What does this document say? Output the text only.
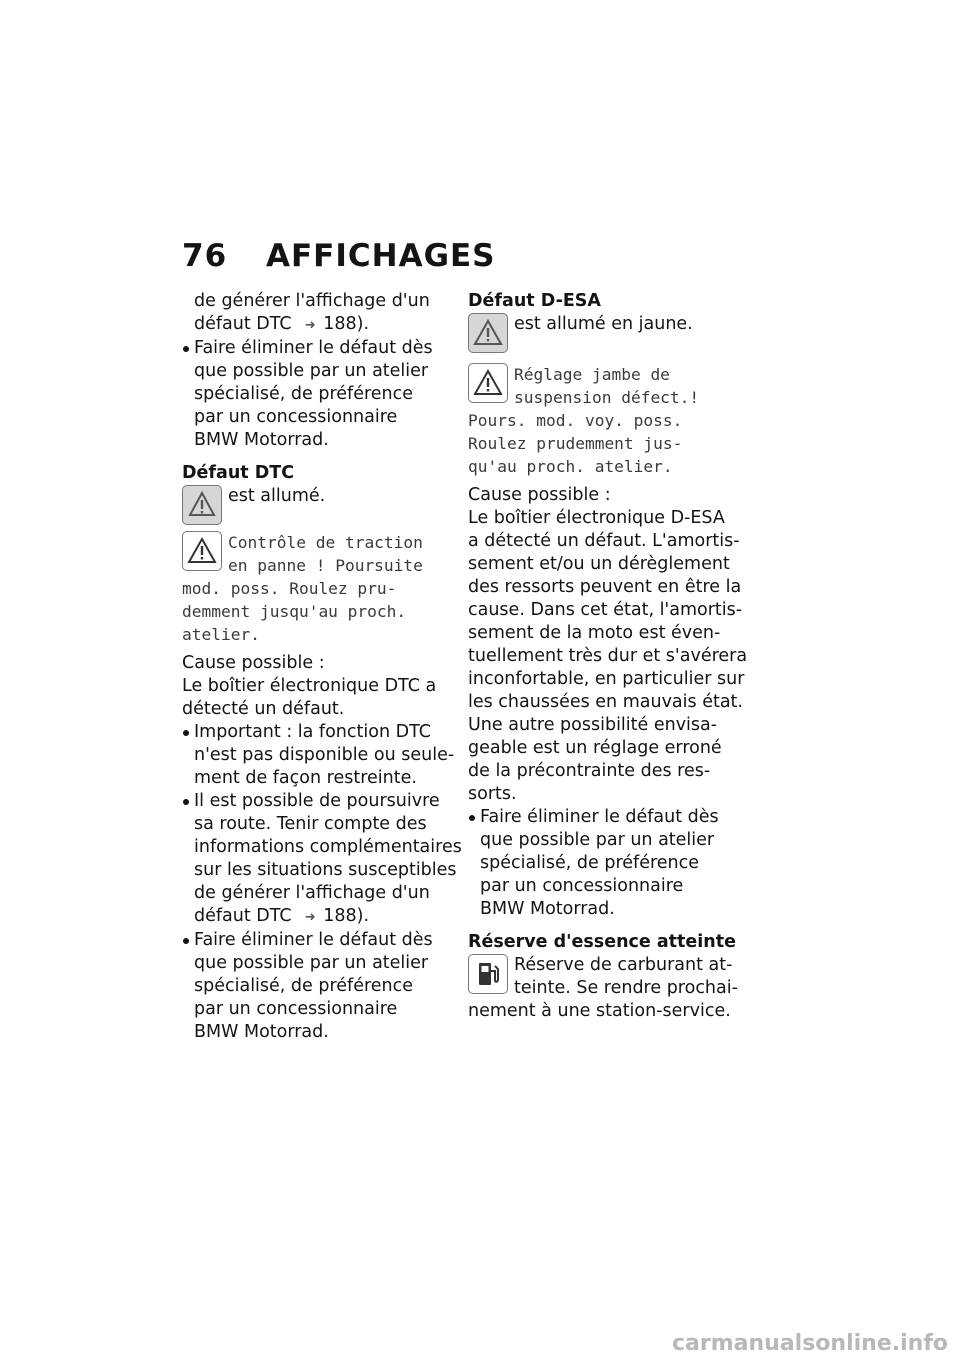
76 AFFICHAGES
de générer l'affichage d'un
défaut DTC ➜ 188).
Faire éliminer le défaut dès
que possible par un atelier
spécialisé, de préférence
par un concessionnaire
BMW Motorrad.
Défaut DTC
est allumé.
Contrôle de traction
en panne ! Poursuite
mod. poss. Roulez pru-
demment jusqu'au proch.
atelier.
Cause possible :
Le boîtier électronique DTC a
détecté un défaut.
Important : la fonction DTC
n'est pas disponible ou seule-
ment de façon restreinte.
Il est possible de poursuivre
sa route. Tenir compte des
informations complémentaires
sur les situations susceptibles
de générer l'affichage d'un
défaut DTC ➜ 188).
Faire éliminer le défaut dès
que possible par un atelier
spécialisé, de préférence
par un concessionnaire
BMW Motorrad.
Défaut D-ESA
est allumé en jaune.
Réglage jambe de
suspension défect.!
Pours. mod. voy. poss.
Roulez prudemment jus-
qu'au proch. atelier.
Cause possible :
Le boîtier électronique D-ESA
a détecté un défaut. L'amortis-
sement et/ou un dérèglement
des ressorts peuvent en être la
cause. Dans cet état, l'amortis-
sement de la moto est éven-
tuellement très dur et s'avérera
inconfortable, en particulier sur
les chaussées en mauvais état.
Une autre possibilité envisa-
geable est un réglage erroné
de la précontrainte des res-
sorts.
Faire éliminer le défaut dès
que possible par un atelier
spécialisé, de préférence
par un concessionnaire
BMW Motorrad.
Réserve d'essence atteinte
Réserve de carburant at-
teinte. Se rendre prochai-
nement à une station-service.
carmanualsonline.info
